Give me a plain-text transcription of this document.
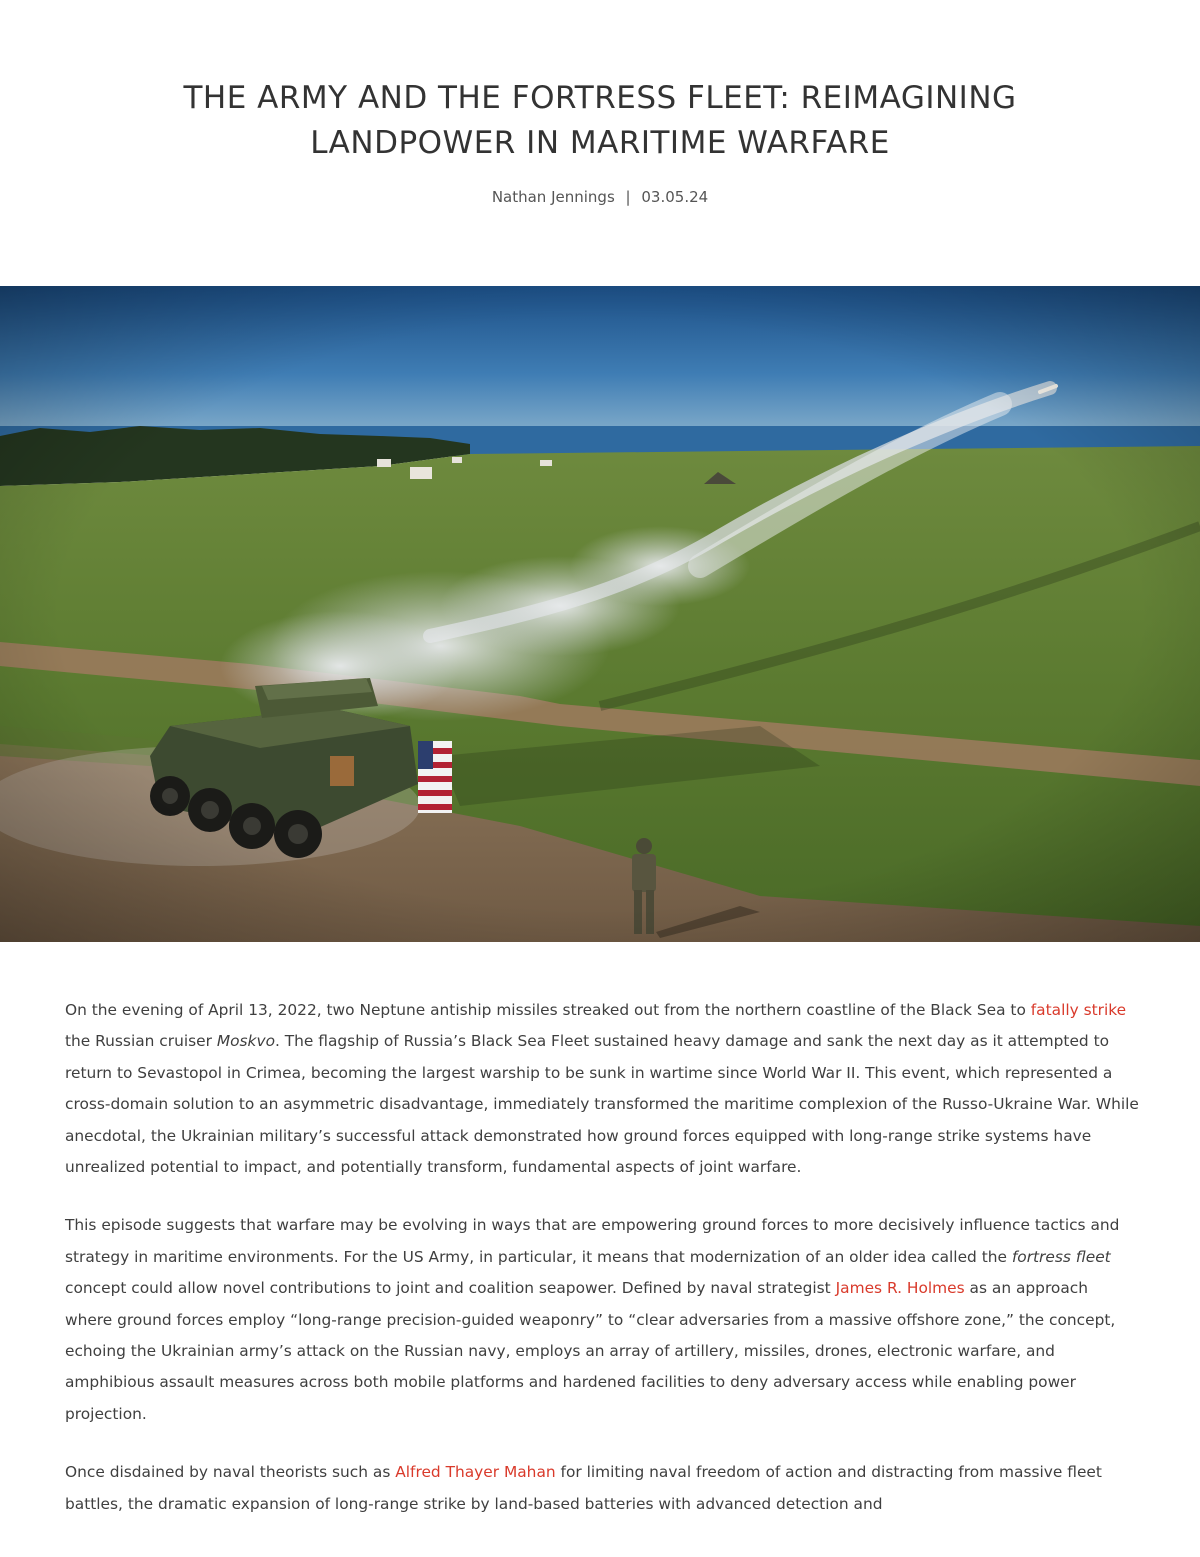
THE ARMY AND THE FORTRESS FLEET: REIMAGINING LANDPOWER IN MARITIME WARFARE
Nathan Jennings | 03.05.24

On the evening of April 13, 2022, two Neptune antiship missiles streaked out from the northern coastline of the Black Sea to fatally strike the Russian cruiser Moskvo. The flagship of Russia’s Black Sea Fleet sustained heavy damage and sank the next day as it attempted to return to Sevastopol in Crimea, becoming the largest warship to be sunk in wartime since World War II. This event, which represented a cross-domain solution to an asymmetric disadvantage, immediately transformed the maritime complexion of the Russo-Ukraine War. While anecdotal, the Ukrainian military’s successful attack demonstrated how ground forces equipped with long-range strike systems have unrealized potential to impact, and potentially transform, fundamental aspects of joint warfare.

This episode suggests that warfare may be evolving in ways that are empowering ground forces to more decisively influence tactics and strategy in maritime environments. For the US Army, in particular, it means that modernization of an older idea called the fortress fleet concept could allow novel contributions to joint and coalition seapower. Defined by naval strategist James R. Holmes as an approach where ground forces employ “long-range precision-guided weaponry” to “clear adversaries from a massive offshore zone,” the concept, echoing the Ukrainian army’s attack on the Russian navy, employs an array of artillery, missiles, drones, electronic warfare, and amphibious assault measures across both mobile platforms and hardened facilities to deny adversary access while enabling power projection.

Once disdained by naval theorists such as Alfred Thayer Mahan for limiting naval freedom of action and distracting from massive fleet battles, the dramatic expansion of long-range strike by land-based batteries with advanced detection and
